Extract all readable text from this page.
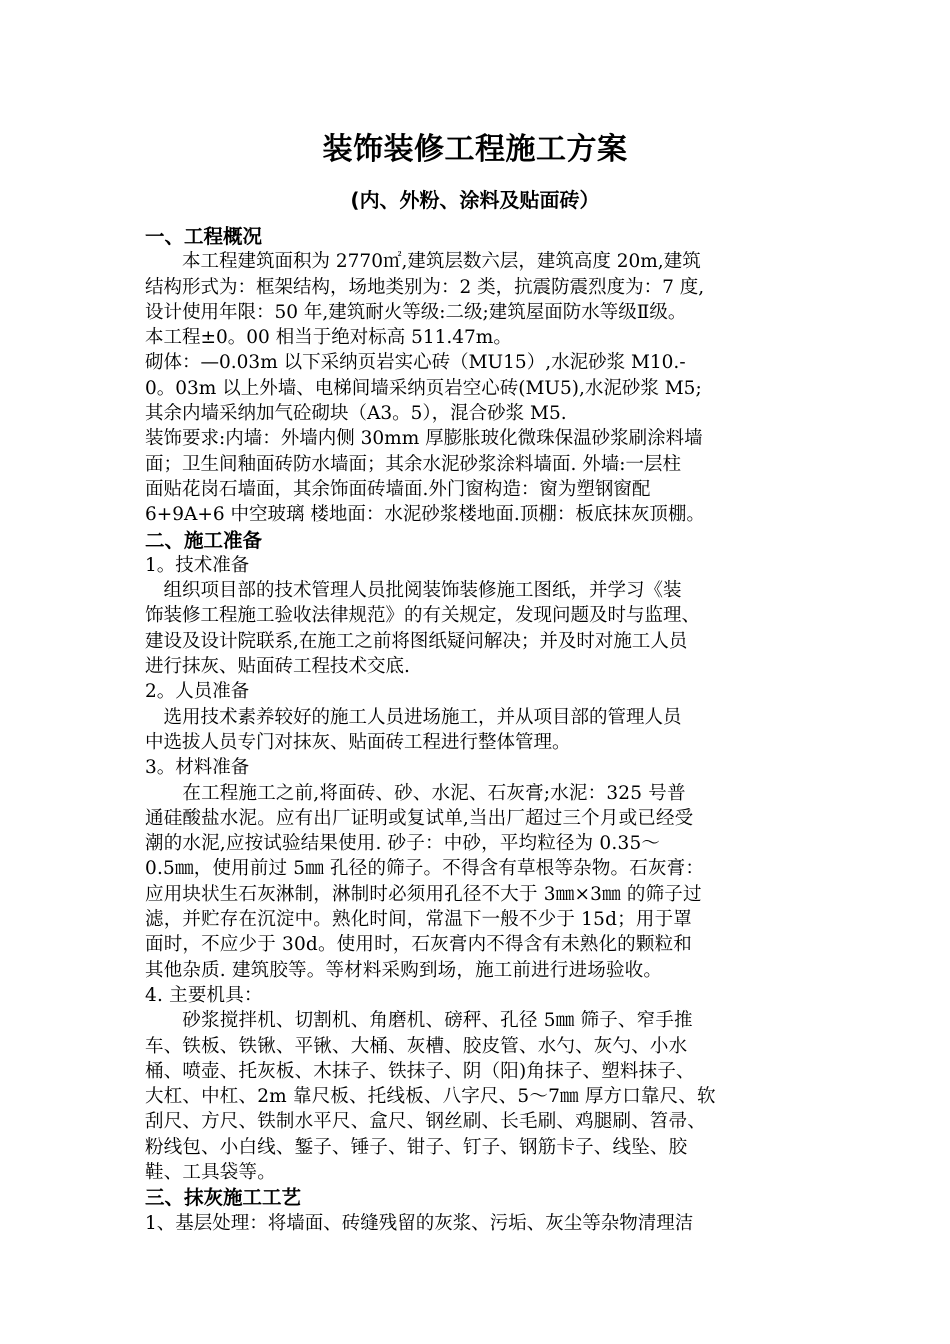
装饰装修工程施工方案
(内、外粉、涂料及贴面砖）

一、工程概况

　　本工程建筑面积为 2770㎡,建筑层数六层，建筑高度 20m,建筑

结构形式为：框架结构，场地类别为：2 类，抗震防震烈度为：7 度,

设计使用年限：50 年,建筑耐火等级:二级;建筑屋面防水等级Ⅱ级。

本工程±0。00 相当于绝对标高 511.47m。

砌体：—0.03m 以下采纳页岩实心砖（MU15）,水泥砂浆 M10.-

0。03m 以上外墙、电梯间墙采纳页岩空心砖(MU5),水泥砂浆 M5;

其余内墙采纳加气砼砌块（A3。5），混合砂浆 M5.

装饰要求:内墙：外墙内侧 30mm 厚膨胀玻化微珠保温砂浆刷涂料墙

面；卫生间釉面砖防水墙面；其余水泥砂浆涂料墙面. 外墙:一层柱

面贴花岗石墙面，其余饰面砖墙面.外门窗构造：窗为塑钢窗配

6+9A+6 中空玻璃 楼地面：水泥砂浆楼地面.顶棚：板底抹灰顶棚。

二、施工准备

1。技术准备

　组织项目部的技术管理人员批阅装饰装修施工图纸，并学习《装

饰装修工程施工验收法律规范》的有关规定，发现问题及时与监理、

建设及设计院联系,在施工之前将图纸疑问解决；并及时对施工人员

进行抹灰、贴面砖工程技术交底.

2。人员准备

　选用技术素养较好的施工人员进场施工，并从项目部的管理人员

中选拔人员专门对抹灰、贴面砖工程进行整体管理。

3。材料准备

　　在工程施工之前,将面砖、砂、水泥、石灰膏;水泥：325 号普

通硅酸盐水泥。应有出厂证明或复试单,当出厂超过三个月或已经受

潮的水泥,应按试验结果使用. 砂子：中砂，平均粒径为 0.35～

0.5㎜，使用前过 5㎜ 孔径的筛子。不得含有草根等杂物。石灰膏：

应用块状生石灰淋制，淋制时必须用孔径不大于 3㎜×3㎜ 的筛子过

滤，并贮存在沉淀中。熟化时间，常温下一般不少于 15d；用于罩

面时，不应少于 30d。使用时，石灰膏内不得含有未熟化的颗粒和

其他杂质. 建筑胶等。等材料采购到场，施工前进行进场验收。

4. 主要机具：

　　砂浆搅拌机、切割机、角磨机、磅秤、孔径 5㎜ 筛子、窄手推

车、铁板、铁锹、平锹、大桶、灰槽、胶皮管、水勺、灰勺、小水

桶、喷壶、托灰板、木抹子、铁抹子、阴（阳)角抹子、塑料抹子、

大杠、中杠、2m 靠尺板、托线板、八字尺、5～7㎜ 厚方口靠尺、软

刮尺、方尺、铁制水平尺、盒尺、钢丝刷、长毛刷、鸡腿刷、笤帚、

粉线包、小白线、錾子、锤子、钳子、钉子、钢筋卡子、线坠、胶

鞋、工具袋等。

三、抹灰施工工艺

1、基层处理：将墙面、砖缝残留的灰浆、污垢、灰尘等杂物清理洁
